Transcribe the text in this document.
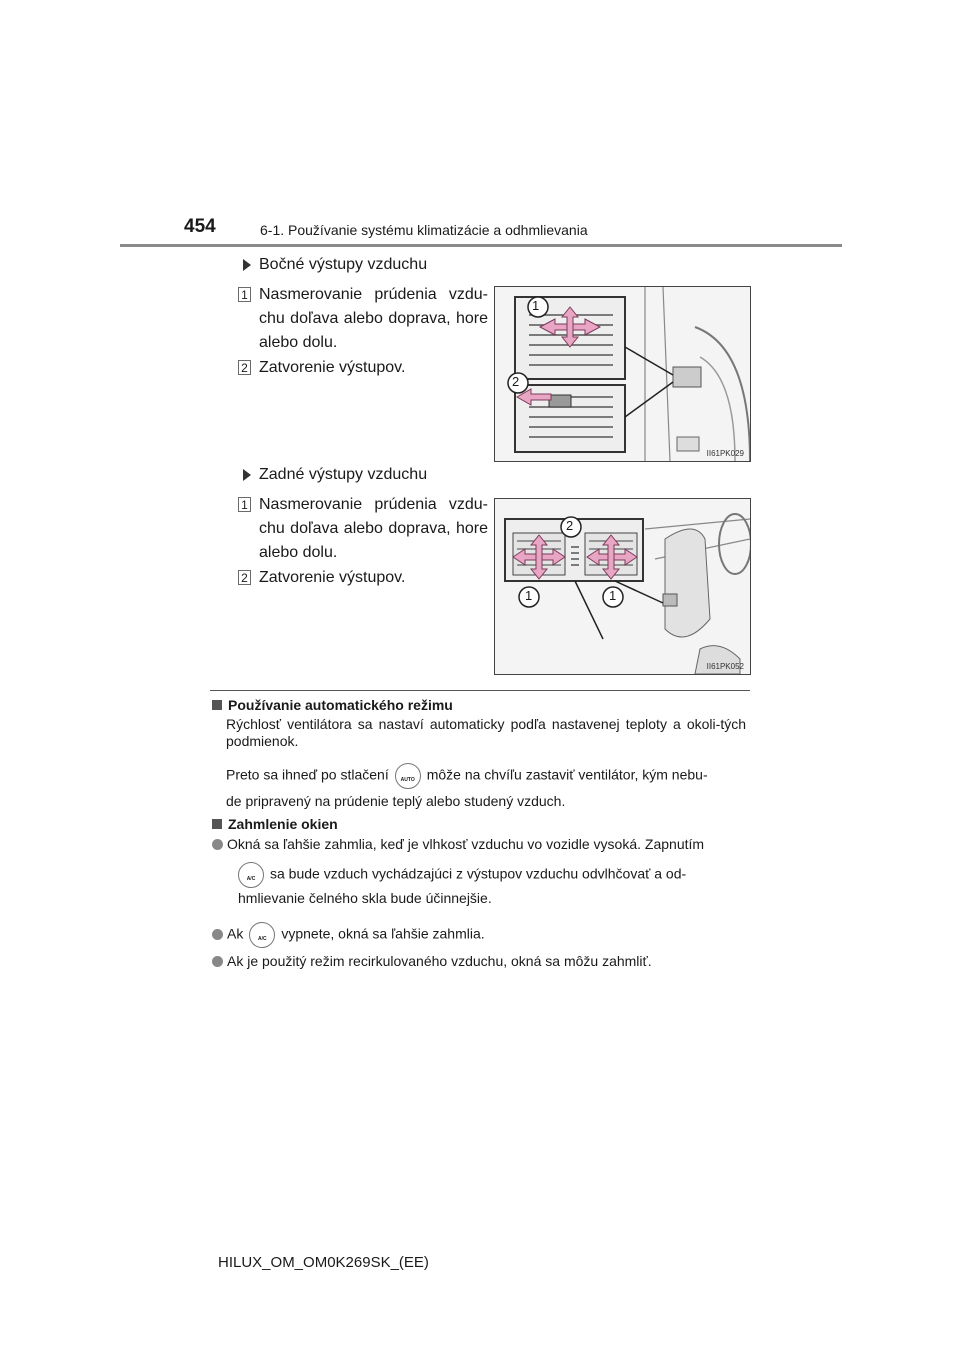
454	6-1. Používanie systému klimatizácie a odhmlievania
Bočné výstupy vzduchu
1 Nasmerovanie prúdenia vzdu-chu doľava alebo doprava, hore alebo dolu.
2 Zatvorenie výstupov.
1
2
II61PK029
Zadné výstupy vzduchu
1 Nasmerovanie prúdenia vzdu-chu doľava alebo doprava, hore alebo dolu.
2 Zatvorenie výstupov.
2
1	1
II61PK052
Používanie automatického režimu
Rýchlosť ventilátora sa nastaví automaticky podľa nastavenej teploty a okoli-tých podmienok.
Preto sa ihneď po stlačení	AUTO môže na chvíľu zastaviť ventilátor, kým nebu-
de pripravený na prúdenie teplý alebo studený vzduch.
Zahmlenie okien
Okná sa ľahšie zahmlia, keď je vlhkosť vzduchu vo vozidle vysoká. Zapnutím
A/C	sa bude vzduch vychádzajúci z výstupov vzduchu odvlhčovať a od-
hmlievanie čelného skla bude účinnejšie.
Ak	A/C	vypnete, okná sa ľahšie zahmlia.
Ak je použitý režim recirkulovaného vzduchu, okná sa môžu zahmliť.
HILUX_OM_OM0K269SK_(EE)
